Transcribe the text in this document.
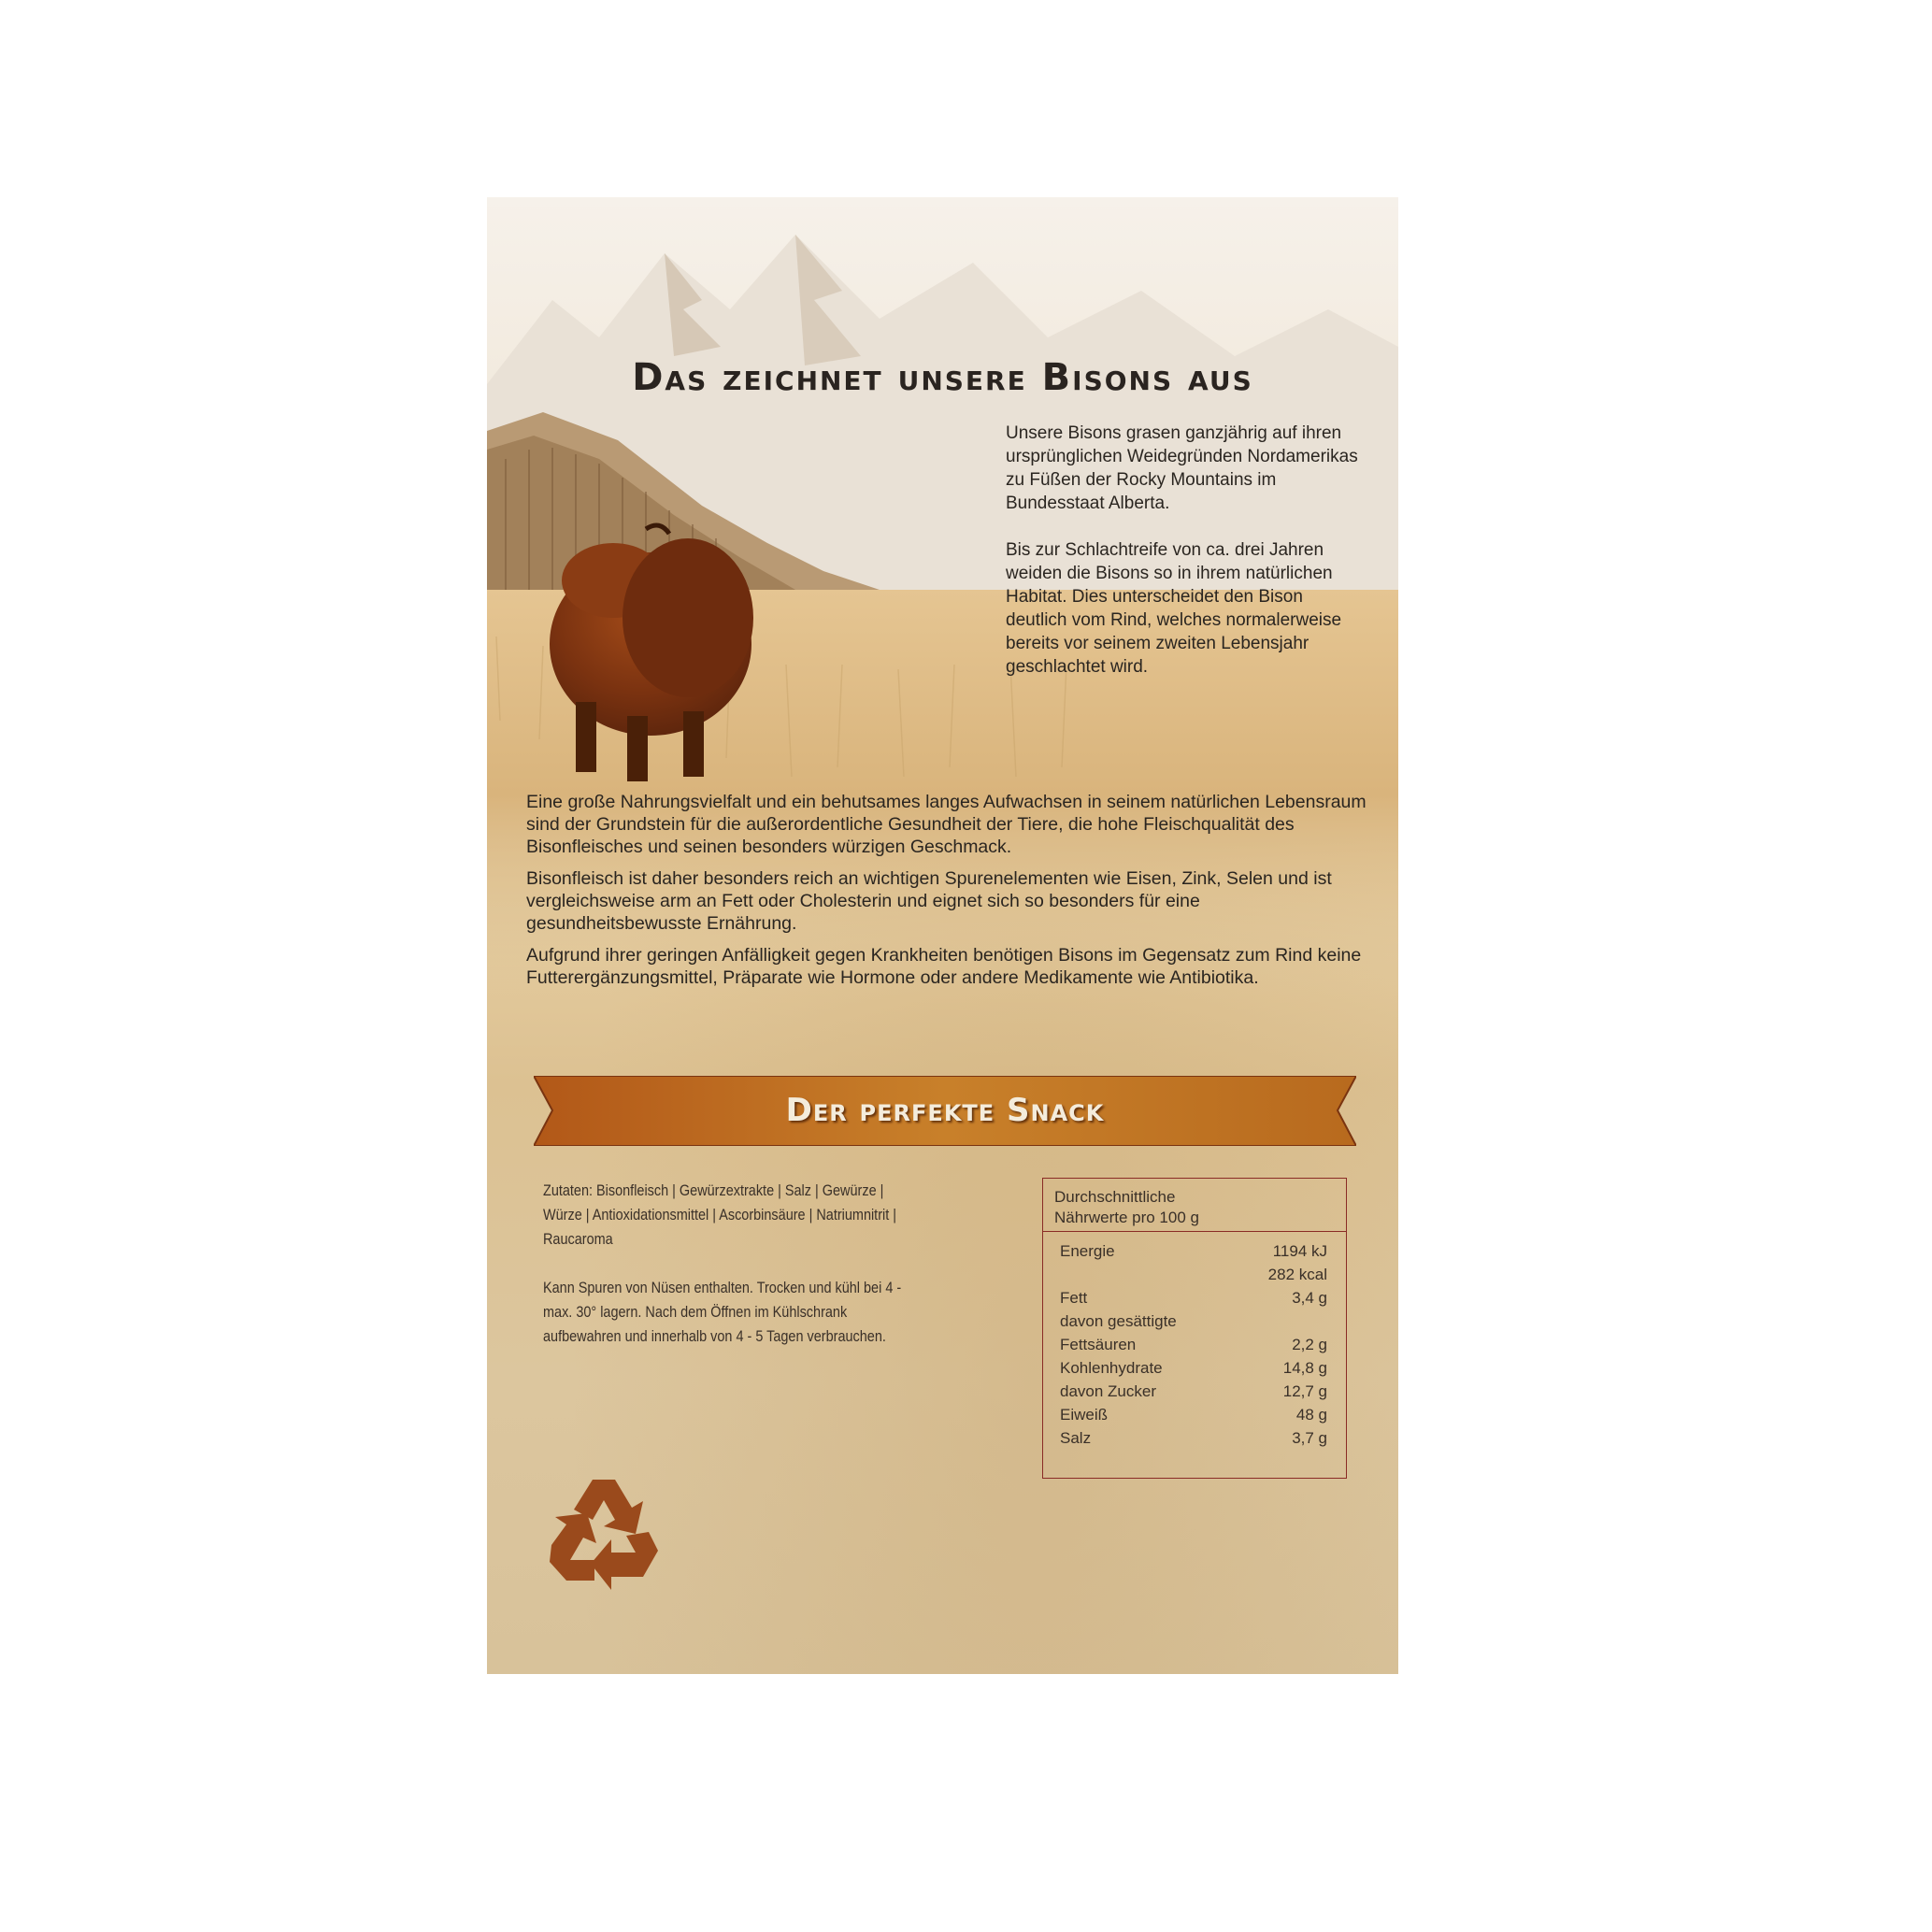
Das zeichnet unsere Bisons aus

Unsere Bisons grasen ganzjährig auf ihren ursprünglichen Weidegründen Nordamerikas zu Füßen der Rocky Mountains im Bundesstaat Alberta.

Bis zur Schlachtreife von ca. drei Jahren weiden die Bisons so in ihrem natürlichen Habitat. Dies unterscheidet den Bison deutlich vom Rind, welches normalerweise bereits vor seinem zweiten Lebensjahr geschlachtet wird.

Eine große Nahrungsvielfalt und ein behutsames langes Aufwachsen in seinem natürlichen Lebensraum sind der Grundstein für die außerordentliche Gesundheit der Tiere, die hohe Fleischqualität des Bisonfleisches und seinen besonders würzigen Geschmack.

Bisonfleisch ist daher besonders reich an wichtigen Spurenelementen wie Eisen, Zink, Selen und ist vergleichsweise arm an Fett oder Cholesterin und eignet sich so besonders für eine gesundheitsbewusste Ernährung.

Aufgrund ihrer geringen Anfälligkeit gegen Krankheiten benötigen Bisons im Gegensatz zum Rind keine Futterergänzungsmittel, Präparate wie Hormone oder andere Medikamente wie Antibiotika.

Der perfekte Snack

Zutaten: Bisonfleisch | Gewürzextrakte | Salz | Gewürze | Würze | Antioxidationsmittel | Ascorbinsäure | Natriumnitrit | Raucaroma

Kann Spuren von Nüsen enthalten. Trocken und kühl bei 4 - max. 30° lagern. Nach dem Öffnen im Kühlschrank aufbewahren und innerhalb von 4 - 5 Tagen verbrauchen.

Durchschnittliche
Nährwerte pro 100 g
Energie	1194 kJ
282 kcal
Fett	3,4 g
davon gesättigte
Fettsäuren	2,2 g
Kohlenhydrate	14,8 g
davon Zucker	12,7 g
Eiweiß	48 g
Salz	3,7 g
